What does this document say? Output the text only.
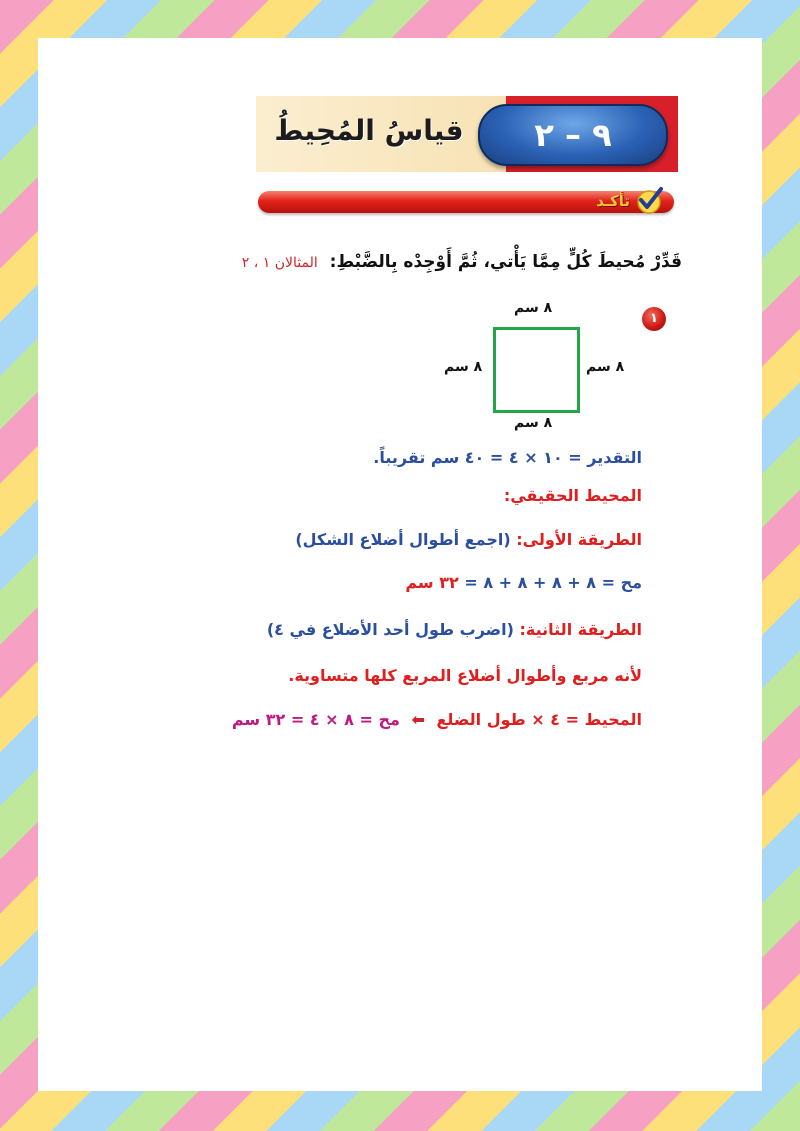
٩ – ٢
قياسُ المُحِيطُ
تأكـد
قَدِّرْ مُحيطَ كُلٍّ مِمَّا يَأْتي، ثُمَّ أَوْجِدْه بِالضَّبْطِ: المثالان ١ ، ٢
١
٨ سم
٨ سم
٨ سم	٨ سم
التقدير = ١٠ × ٤ = ٤٠ سم تقريباً.
المحيط الحقيقي:
الطريقة الأولى: (اجمع أطوال أضلاع الشكل)
مح = ٨ + ٨ + ٨ + ٨ = ٣٢ سم
الطريقة الثانية: (اضرب طول أحد الأضلاع في ٤)
لأنه مربع وأطوال أضلاع المربع كلها متساوية.
المحيط = ٤ × طول الضلع ⬅ مح = ٨ × ٤ = ٣٢ سم
